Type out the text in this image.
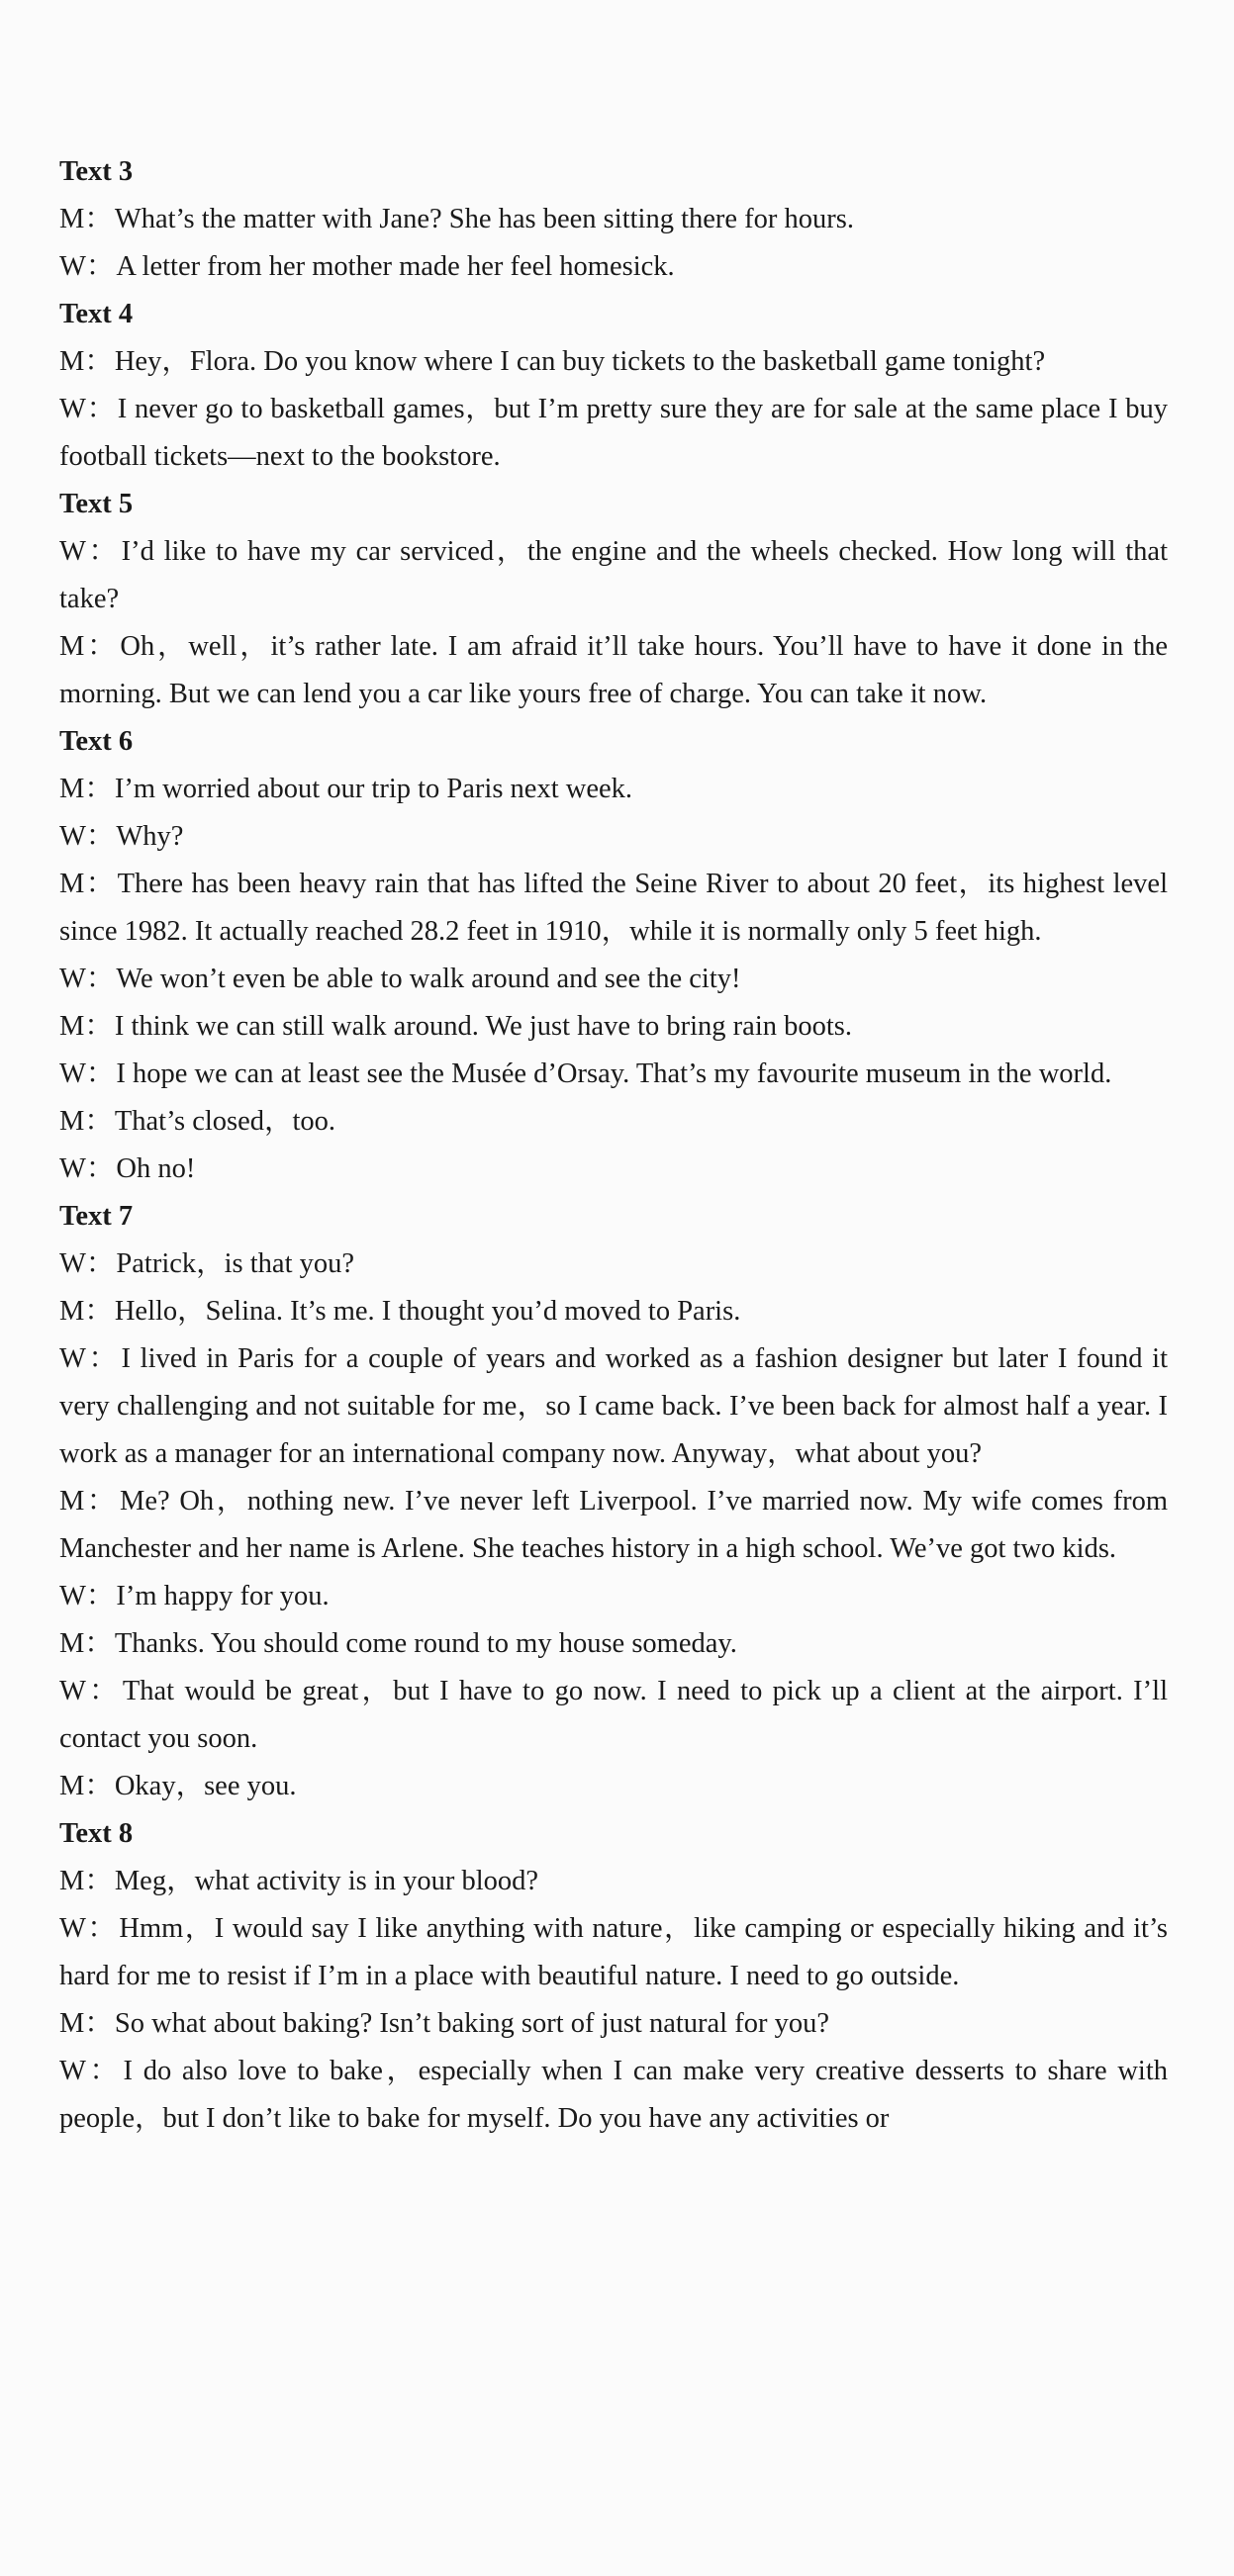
Text 3
M：What’s the matter with Jane? She has been sitting there for hours.
W：A letter from her mother made her feel homesick.
Text 4
M：Hey，Flora. Do you know where I can buy tickets to the basketball game tonight?
W：I never go to basketball games，but I’m pretty sure they are for sale at the same place I buy football tickets—next to the bookstore.
Text 5
W：I’d like to have my car serviced，the engine and the wheels checked. How long will that take?
M：Oh，well，it’s rather late. I am afraid it’ll take hours. You’ll have to have it done in the morning. But we can lend you a car like yours free of charge. You can take it now.
Text 6
M：I’m worried about our trip to Paris next week.
W：Why?
M：There has been heavy rain that has lifted the Seine River to about 20 feet，its highest level since 1982. It actually reached 28.2 feet in 1910，while it is normally only 5 feet high.
W：We won’t even be able to walk around and see the city!
M：I think we can still walk around. We just have to bring rain boots.
W：I hope we can at least see the Musée d’Orsay. That’s my favourite museum in the world.
M：That’s closed，too.
W：Oh no!
Text 7
W：Patrick，is that you?
M：Hello，Selina. It’s me. I thought you’d moved to Paris.
W：I lived in Paris for a couple of years and worked as a fashion designer but later I found it very challenging and not suitable for me，so I came back. I’ve been back for almost half a year. I work as a manager for an international company now. Anyway，what about you?
M：Me? Oh，nothing new. I’ve never left Liverpool. I’ve married now. My wife comes from Manchester and her name is Arlene. She teaches history in a high school. We’ve got two kids.
W：I’m happy for you.
M：Thanks. You should come round to my house someday.
W：That would be great，but I have to go now. I need to pick up a client at the airport. I’ll contact you soon.
M：Okay，see you.
Text 8
M：Meg，what activity is in your blood?
W：Hmm，I would say I like anything with nature，like camping or especially hiking and it’s hard for me to resist if I’m in a place with beautiful nature. I need to go outside.
M：So what about baking? Isn’t baking sort of just natural for you?
W：I do also love to bake，especially when I can make very creative desserts to share with people，but I don’t like to bake for myself. Do you have any activities or
